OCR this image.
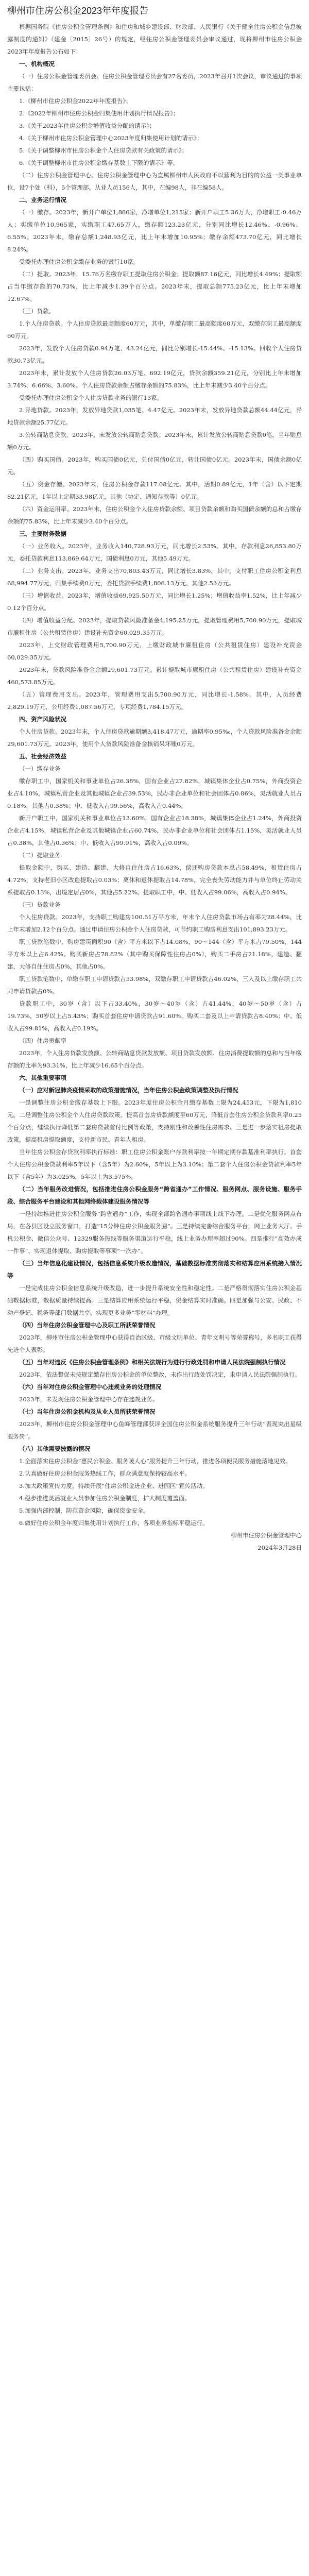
柳州市住房公积金2023年年度报告

根据国务院《住房公积金管理条例》和住房和城乡建设部、财政部、人民银行《关于健全住房公积金信息披露制度的通知》（建金〔2015〕26号）的规定，经住房公积金管理委员会审议通过，现将柳州市住房公积金2023年年度报告公布如下：

一、机构概况

（一）住房公积金管理委员会。住房公积金管理委员会有27名委员，2023年召开1次会议，审议通过的事项主要包括：

1.《柳州市住房公积金2022年年度报告》；

2.《2022年柳州市住房公积金归集使用计划执行情况报告》；

3.《关于2023年住房公积金增值收益分配的请示》；

4.《关于柳州市住房公积金管理中心2023年度归集使用计划的请示》；

5.《关于调整柳州市住房公积金个人住房贷款有关政策的请示》；

6.《关于调整柳州市住房公积金缴存基数上下限的请示》等。

（二）住房公积金管理中心。住房公积金管理中心为直属柳州市人民政府不以营利为目的的公益一类事业单位，设7个处（科），5个管理部。从业人员156人，其中，在编98人，非在编58人。

二、业务运行情况

（一）缴存。2023年，新开户单位1,886家，净增单位1,215家；新开户职工5.36万人，净增职工-0.46万人；实缴单位10,965家，实缴职工47.65万人，缴存额123.23亿元，分别同比增长12.46%、-0.96%、6.55%。2023年末，缴存总额1,248.93亿元，比上年末增加10.95%；缴存余额473.70亿元，同比增长8.24%。

受委托办理住房公积金缴存业务的银行10家。

（二）提取。2023年，15.76万名缴存职工提取住房公积金；提取额87.16亿元，同比增长4.49%；提取额占当年缴存额的70.73%，比上年减少1.39个百分点。2023年末，提取总额775.23亿元，比上年末增加12.67%。

（三）贷款。

1.个人住房贷款。个人住房贷款最高额度60万元，其中，单缴存职工最高额度60万元，双缴存职工最高额度60万元。

2023年，发放个人住房贷款0.94万笔、43.24亿元，同比分别增长-15.44%、-15.13%。回收个人住房贷款30.73亿元。

2023年末，累计发放个人住房贷款26.03万笔、692.19亿元，贷款余额359.21亿元，分别比上年末增加3.74%、6.66%、3.60%。个人住房贷款余额占缴存余额的75.83%，比上年末减少3.40个百分点。

受委托办理住房公积金个人住房贷款业务的银行13家。

2.异地贷款。2023年，发放异地贷款1,035笔、4.47亿元。2023年末，发放异地贷款总额44.44亿元，异地贷款余额25.77亿元。

3.公转商贴息贷款。2023年，未发放公转商贴息贷款。2023年末，累计发放公转商贴息贷款0笔，当年贴息额0万元。

（四）购买国债。2023年，购买国债0亿元，兑付国债0亿元，转让国债0亿元。2023年末，国债余额0亿元。

（五）资金存储。2023年末，住房公积金存款117.08亿元。其中，活期0.89亿元，1年（含）以下定期82.21亿元，1年以上定期33.98亿元，其他（协定、通知存款等）0亿元。

（六）资金运用率。2023年末，住房公积金个人住房贷款余额、项目贷款余额和购买国债余额的总和占缴存余额的75.83%，比上年末减少3.40个百分点。

三、主要财务数据

（一）业务收入。2023年，业务收入140,728.93万元，同比增长2.53%。其中，存款利息26,853.80万元，委托贷款利息113,869.64万元，国债利息0万元，其他5.49万元。

（二）业务支出。2023年，业务支出70,803.43万元，同比增长3.83%。其中，支付职工住房公积金利息68,994.77万元，归集手续费0万元，委托贷款手续费1,806.13万元，其他2.53万元。

（三）增值收益。2023年，增值收益69,925.50万元，同比增长1.25%；增值收益率1.52%，比上年减少0.12个百分点。

（四）增值收益分配。2023年，提取贷款风险准备金4,195.25万元，提取管理费用5,700.90万元，提取城市廉租住房（公共租赁住房）建设补充资金60,029.35万元。

2023年，上交财政管理费用5,700.90万元，上缴财政城市廉租住房（公共租赁住房）建设补充资金60,029.35万元。

2023年末，贷款风险准备金余额29,601.73万元。累计提取城市廉租住房（公共租赁住房）建设补充资金460,573.85万元。

（五）管理费用支出。2023年，管理费用支出5,700.90万元，同比增长-1.58%。其中，人员经费2,829.19万元，公用经费1,087.56万元，专项经费1,784.15万元。

四、资产风险状况

个人住房贷款。2023年末，个人住房贷款逾期额3,418.47万元，逾期率0.95‰，个人贷款风险准备金余额29,601.73万元。2023年，使用个人贷款风险准备金核销呆坏账0万元。

五、社会经济效益

（一）缴存业务

缴存职工中，国家机关和事业单位占26.38%，国有企业占27.82%，城镇集体企业占0.75%，外商投资企业占4.10%，城镇私营企业及其他城镇企业占39.53%，民办非企业单位和社会团体占0.86%，灵活就业人员占0.18%，其他占0.38%；中、低收入占99.56%，高收入占0.44%。

新开户职工中，国家机关和事业单位占13.60%，国有企业占18.38%，城镇集体企业占1.24%，外商投资企业占4.15%，城镇私营企业及其他城镇企业占60.74%，民办非企业单位和社会团体占1.15%，灵活就业人员占0.38%，其他占0.36%；中、低收入占99.91%，高收入占0.09%。

（二）提取业务

提取金额中，购买、建造、翻建、大修自住住房占16.63%，偿还购房贷款本息占58.49%，租赁住房占4.72%，支持老旧小区改造提取占0.03%；离休和退休提取占14.78%，完全丧失劳动能力并与单位终止劳动关系提取占0.13%，出境定居占0%，其他占5.22%。提取职工中，中、低收入占99.06%，高收入占0.94%。

（三）贷款业务

个人住房贷款。2023年，支持职工购建房100.51万平方米，年末个人住房贷款市场占有率为28.44%，比上年末增加2.12个百分点。通过申请住房公积金个人住房贷款，可节约职工购房利息支出101,893.23万元。

职工贷款笔数中，购房建筑面积90（含）平方米以下占14.08%，90～144（含）平方米占79.50%，144平方米以上占6.42%。购买新房占78.82%（其中购买保障性住房占0%），购买二手房占21.18%，建造、翻建、大修自住住房占0%，其他占0%。

职工贷款笔数中，单缴存职工申请贷款占53.98%，双缴存职工申请贷款占46.02%，三人及以上缴存职工共同申请贷款占0%。

贷款职工中，30岁（含）以下占33.40%，30岁～40岁（含）占41.44%，40岁～50岁（含）占19.73%，50岁以上占5.43%；购买首套住房申请贷款占91.60%，购买二套及以上申请贷款占8.40%；中、低收入占99.81%，高收入占0.19%。

（四）住房贡献率

2023年，个人住房贷款发放额、公转商贴息贷款发放额、项目贷款发放额、住房消费提取额的总和与当年缴存额的比率为93.31%，比上年减少16.65个百分点。

六、其他重要事项

（一）应对新冠肺炎疫情采取的政策措施情况，当年住房公积金政策调整及执行情况

一是调整住房公积金缴存基数上下限。2023年度住房公积金月缴存基数上限为24,453元，下限为1,810元。二是调整住房公积金个人住房贷款政策。提高首套房贷款额度至60万元，降低首套住房公积金贷款利率0.25个百分点，继续执行降低第二套房贷款首付比例等政策，支持刚性和改善性住房需求。三是进一步落实租房提取政策，提高租房提取额度，支持新市民、青年人租房。

当年住房公积金存贷款利率执行标准：职工住房公积金账户存款利率按一年期定期存款基准利率执行。首套个人住房公积金贷款利率5年以下（含5年）为2.60%，5年以上为3.10%；第二套个人住房公积金贷款利率5年以下（含5年）为3.025%，5年以上为3.575%。

（二）当年服务改进情况，包括推进住房公积金服务“跨省通办”工作情况、服务网点、服务设施、服务手段、综合服务平台建设和其他网络载体建设服务情况等

一是持续推进住房公积金服务“跨省通办”工作，实现全部跨省通办事项线上线下办理。二是优化服务网点布局，在各县区设立服务窗口，打造“15分钟住房公积金服务圈”。三是持续完善综合服务平台，网上业务大厅、手机公积金、微信公众号、12329服务热线等服务渠道运行平稳，线上业务办理率超过90%。四是推行“高效办成一件事”，实现退休提取、购房提取等事项“一次办”。

（三）当年信息化建设情况，包括信息系统升级改造情况，基础数据标准贯彻落实和结算应用系统接入情况等

一是完成住房公积金信息系统升级改造，进一步提升系统安全性和稳定性。二是严格贯彻落实住房公积金基础数据标准，数据质量持续提高。三是结算应用系统运行平稳，资金结算实时准确。四是加强与公安、民政、不动产登记、税务等部门数据共享，实现更多业务“零材料”办理。

（四）当年住房公积金管理中心及职工所获荣誉情况

2023年，柳州市住房公积金管理中心获得自治区级、市级文明单位、青年文明号等荣誉称号，多名职工获得先进个人表彰。

（五）当年对违反《住房公积金管理条例》和相关法规行为进行行政处罚和申请人民法院强制执行情况

2023年，依法督促未按规定缴存住房公积金的单位整改，未作出行政处罚决定，未申请人民法院强制执行。

（六）当年对住房公积金管理中心违规业务的处理情况

2023年，未发现住房公积金管理中心存在违规业务。

（七）当年住房公积金机构及从业人员所获荣誉情况

2023年，柳州市住房公积金管理中心鱼峰管理部获评全国住房公积金系统服务提升三年行动“表现突出星级服务岗”。

（八）其他需要披露的情况

1.全面落实住房公积金“惠民公积金、服务暖人心”服务提升三年行动，推进各项便民服务措施落地见效。

2.认真做好住房公积金服务热线工作，群众满意度保持较高水平。

3.加大政策宣传力度，持续开展“住房公积金进企业、进园区”宣传活动。

4.稳步推进灵活就业人员参加住房公积金制度，扩大制度覆盖面。

5.加强内部控制，防范资金风险，确保资金安全。

6.做好住房公积金年度归集使用计划执行工作，各项业务指标平稳运行。

柳州市住房公积金管理中心

2024年3月28日
